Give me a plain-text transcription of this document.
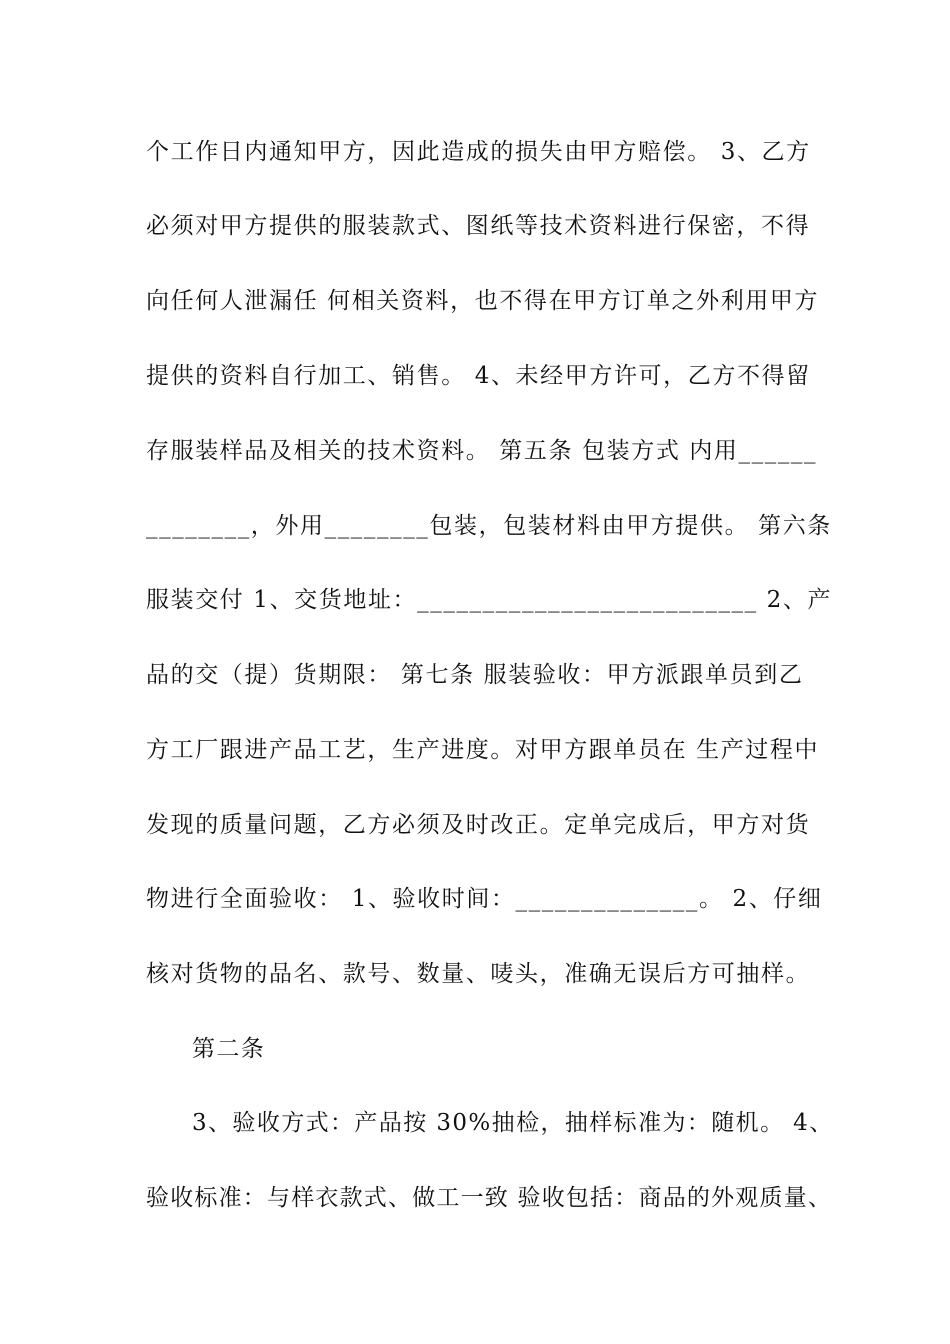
个工作日内通知甲方，因此造成的损失由甲方赔偿。 3、乙方
必须对甲方提供的服装款式、图纸等技术资料进行保密，不得
向任何人泄漏任 何相关资料，也不得在甲方订单之外利用甲方
提供的资料自行加工、销售。 4、未经甲方许可，乙方不得留
存服装样品及相关的技术资料。 第五条 包装方式 内用______
________，外用________包装，包装材料由甲方提供。 第六条
服装交付 1、交货地址：__________________________ 2、产
品的交（提）货期限： 第七条 服装验收：甲方派跟单员到乙
方工厂跟进产品工艺，生产进度。对甲方跟单员在 生产过程中
发现的质量问题，乙方必须及时改正。定单完成后，甲方对货
物进行全面验收： 1、验收时间：______________。 2、仔细
核对货物的品名、款号、数量、唛头，准确无误后方可抽样。
第二条
3、验收方式：产品按 30%抽检，抽样标准为：随机。 4、
验收标准：与样衣款式、做工一致 验收包括：商品的外观质量、
